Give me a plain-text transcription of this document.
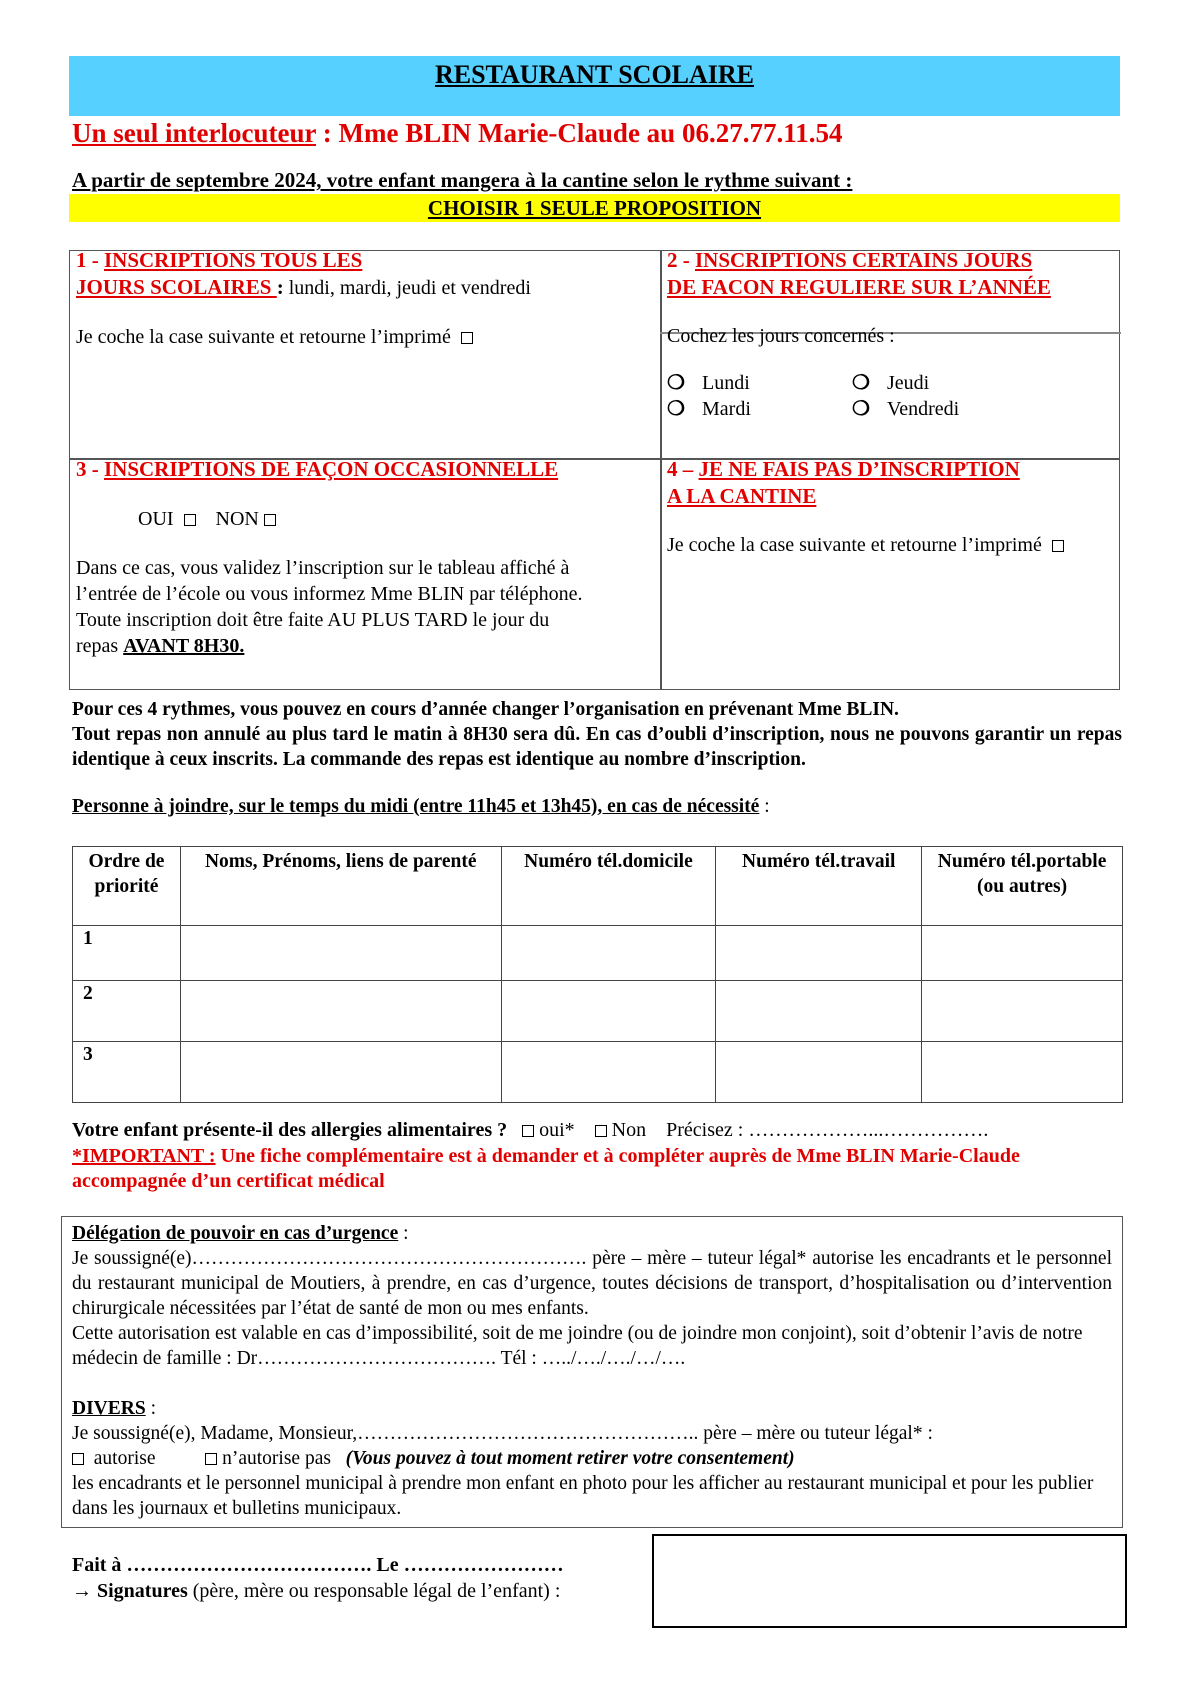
RESTAURANT SCOLAIRE
Un seul interlocuteur : Mme BLIN Marie-Claude au 06.27.77.11.54
A partir de septembre 2024, votre enfant mangera à la cantine selon le rythme suivant :
CHOISIR 1 SEULE PROPOSITION
1 - INSCRIPTIONS TOUS LES
JOURS SCOLAIRES : lundi, mardi, jeudi et vendredi
Je coche la case suivante et retourne l’imprimé
2 - INSCRIPTIONS CERTAINS JOURS
DE FACON REGULIERE SUR L’ANNÉE
Cochez les jours concernés :
❍ Lundi	❍ Jeudi
❍ Mardi	❍ Vendredi
3 - INSCRIPTIONS DE FAÇON OCCASIONNELLE
OUI NON
Dans ce cas, vous validez l’inscription sur le tableau affiché à
l’entrée de l’école ou vous informez Mme BLIN par téléphone.
Toute inscription doit être faite AU PLUS TARD le jour du
repas AVANT 8H30.
4 – JE NE FAIS PAS D’INSCRIPTION
A LA CANTINE
Je coche la case suivante et retourne l’imprimé
Pour ces 4 rythmes, vous pouvez en cours d’année changer l’organisation en prévenant Mme BLIN.
Tout repas non annulé au plus tard le matin à 8H30 sera dû. En cas d’oubli d’inscription, nous ne pouvons garantir un repas identique à ceux inscrits. La commande des repas est identique au nombre d’inscription.
Personne à joindre, sur le temps du midi (entre 11h45 et 13h45), en cas de nécessité :
Ordre de priorité	Noms, Prénoms, liens de parenté	Numéro tél.domicile	Numéro tél.travail	Numéro tél.portable (ou autres)
1				
2				
3				
Votre enfant présente-il des allergies alimentaires ? oui* Non Précisez : ………………...…………….
*IMPORTANT : Une fiche complémentaire est à demander et à compléter auprès de Mme BLIN Marie-Claude accompagnée d’un certificat médical
Délégation de pouvoir en cas d’urgence :
Je soussigné(e)……………………………………………………. père – mère – tuteur légal* autorise les encadrants et le personnel du restaurant municipal de Moutiers, à prendre, en cas d’urgence, toutes décisions de transport, d’hospitalisation ou d’intervention chirurgicale nécessitées par l’état de santé de mon ou mes enfants.
Cette autorisation est valable en cas d’impossibilité, soit de me joindre (ou de joindre mon conjoint), soit d’obtenir l’avis de notre médecin de famille : Dr………………………………. Tél : …../…./…./…/….
DIVERS :
Je soussigné(e), Madame, Monsieur,…………………………………………….. père – mère ou tuteur légal* :
autorise	n’autorise pas (Vous pouvez à tout moment retirer votre consentement)
les encadrants et le personnel municipal à prendre mon enfant en photo pour les afficher au restaurant municipal et pour les publier dans les journaux et bulletins municipaux.
Fait à ………………………………. Le ……………………
→ Signatures (père, mère ou responsable légal de l’enfant) :
